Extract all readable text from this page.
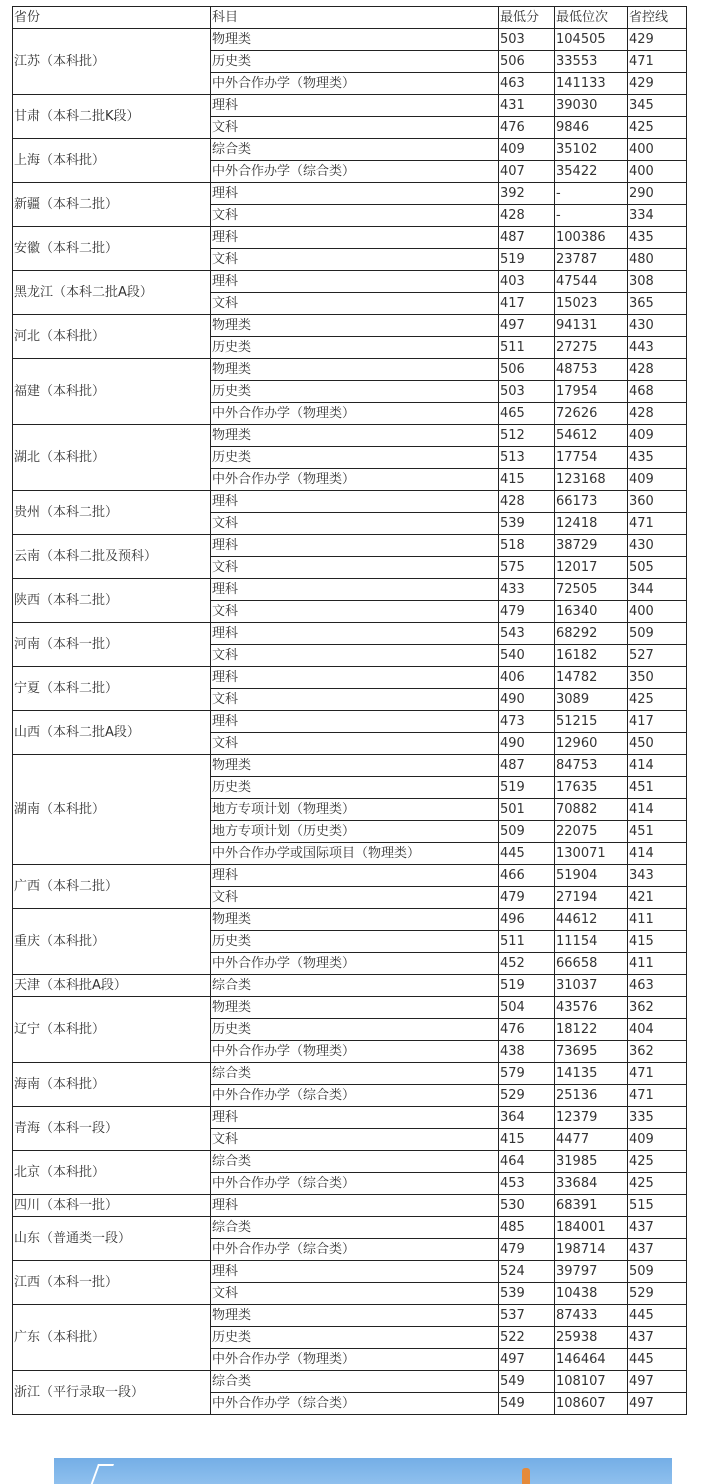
省份	科目	最低分	最低位次	省控线
江苏（本科批）	物理类	503	104505	429
	历史类	506	33553	471
	中外合作办学（物理类）	463	141133	429
甘肃（本科二批K段）	理科	431	39030	345
	文科	476	9846	425
上海（本科批）	综合类	409	35102	400
	中外合作办学（综合类）	407	35422	400
新疆（本科二批）	理科	392	-	290
	文科	428	-	334
安徽（本科二批）	理科	487	100386	435
	文科	519	23787	480
黑龙江（本科二批A段）	理科	403	47544	308
	文科	417	15023	365
河北（本科批）	物理类	497	94131	430
	历史类	511	27275	443
福建（本科批）	物理类	506	48753	428
	历史类	503	17954	468
	中外合作办学（物理类）	465	72626	428
湖北（本科批）	物理类	512	54612	409
	历史类	513	17754	435
	中外合作办学（物理类）	415	123168	409
贵州（本科二批）	理科	428	66173	360
	文科	539	12418	471
云南（本科二批及预科）	理科	518	38729	430
	文科	575	12017	505
陕西（本科二批）	理科	433	72505	344
	文科	479	16340	400
河南（本科一批）	理科	543	68292	509
	文科	540	16182	527
宁夏（本科二批）	理科	406	14782	350
	文科	490	3089	425
山西（本科二批A段）	理科	473	51215	417
	文科	490	12960	450
湖南（本科批）	物理类	487	84753	414
	历史类	519	17635	451
	地方专项计划（物理类）	501	70882	414
	地方专项计划（历史类）	509	22075	451
	中外合作办学或国际项目（物理类）	445	130071	414
广西（本科二批）	理科	466	51904	343
	文科	479	27194	421
重庆（本科批）	物理类	496	44612	411
	历史类	511	11154	415
	中外合作办学（物理类）	452	66658	411
天津（本科批A段）	综合类	519	31037	463
辽宁（本科批）	物理类	504	43576	362
	历史类	476	18122	404
	中外合作办学（物理类）	438	73695	362
海南（本科批）	综合类	579	14135	471
	中外合作办学（综合类）	529	25136	471
青海（本科一段）	理科	364	12379	335
	文科	415	4477	409
北京（本科批）	综合类	464	31985	425
	中外合作办学（综合类）	453	33684	425
四川（本科一批）	理科	530	68391	515
山东（普通类一段）	综合类	485	184001	437
	中外合作办学（综合类）	479	198714	437
江西（本科一批）	理科	524	39797	509
	文科	539	10438	529
广东（本科批）	物理类	537	87433	445
	历史类	522	25938	437
	中外合作办学（物理类）	497	146464	445
浙江（平行录取一段）	综合类	549	108107	497
	中外合作办学（综合类）	549	108607	497
